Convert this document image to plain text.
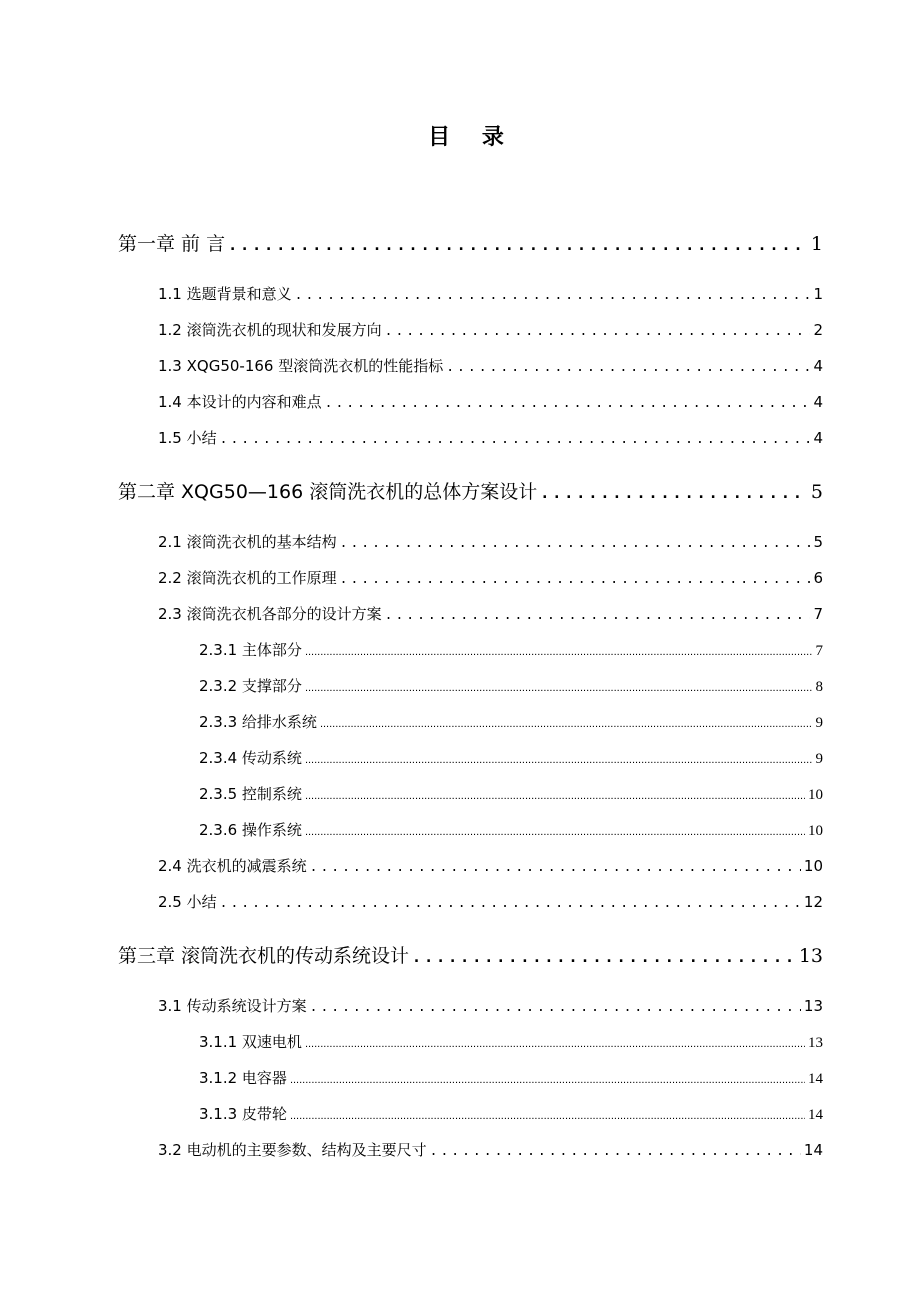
目 录
第一章 前 言 .....	1
1.1 选题背景和意义 .....	1
1.2 滚筒洗衣机的现状和发展方向 .....	2
1.3 XQG50-166 型滚筒洗衣机的性能指标 .....	4
1.4 本设计的内容和难点 .....	4
1.5 小结 .....	4
第二章 XQG50—166 滚筒洗衣机的总体方案设计 .....	5
2.1 滚筒洗衣机的基本结构 .....	5
2.2 滚筒洗衣机的工作原理 .....	6
2.3 滚筒洗衣机各部分的设计方案 .....	7
2.3.1 主体部分 .....	7
2.3.2 支撑部分 .....	8
2.3.3 给排水系统 .....	9
2.3.4 传动系统 .....	9
2.3.5 控制系统 .....	10
2.3.6 操作系统 .....	10
2.4 洗衣机的减震系统 .....	10
2.5 小结 .....	12
第三章 滚筒洗衣机的传动系统设计 .....	13
3.1 传动系统设计方案 .....	13
3.1.1 双速电机 .....	13
3.1.2 电容器 .....	14
3.1.3 皮带轮 .....	14
3.2 电动机的主要参数、结构及主要尺寸 .....	14
